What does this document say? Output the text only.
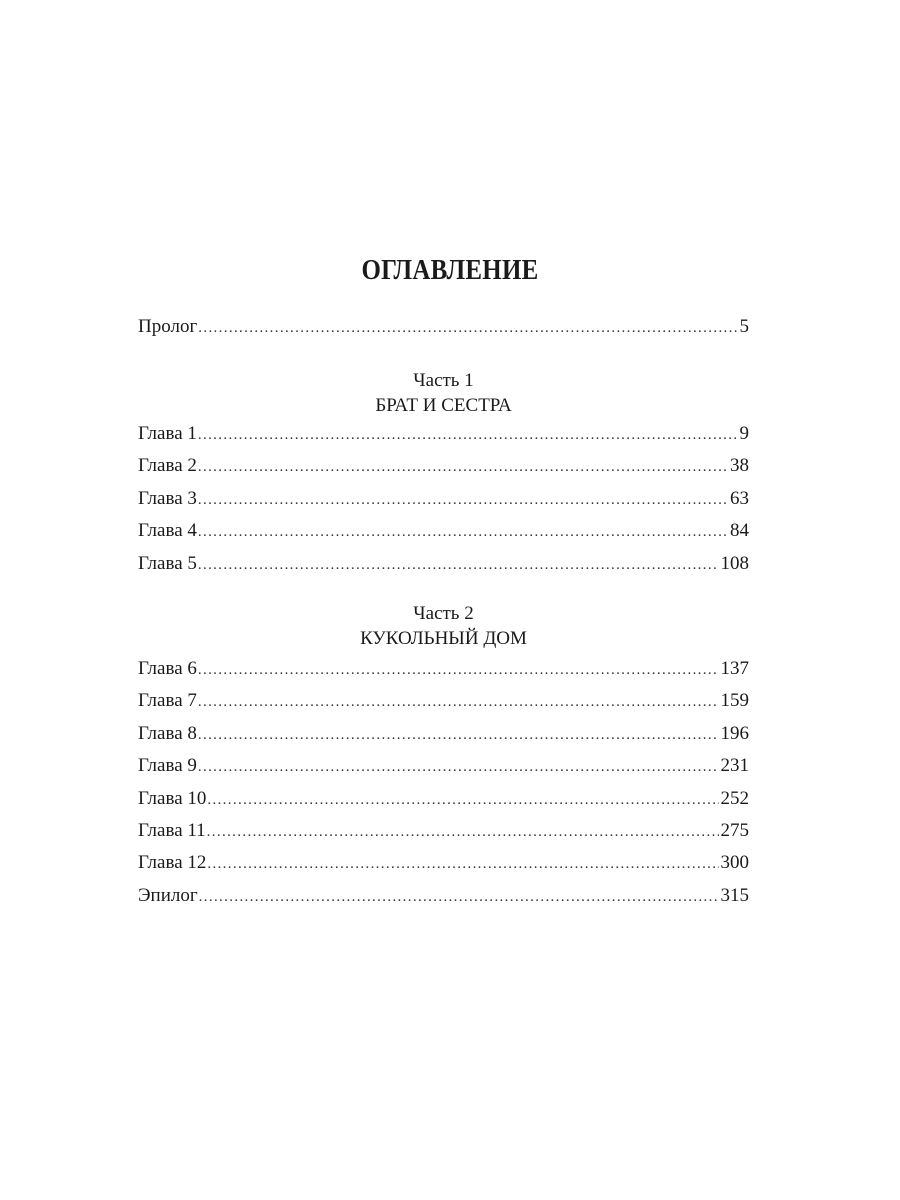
ОГЛАВЛЕНИЕ
Пролог . . .	5
Часть 1
БРАТ И СЕСТРА
Глава 1 . . .	9
Глава 2 . . .	38
Глава 3 . . .	63
Глава 4 . . .	84
Глава 5 . . .	108
Часть 2
КУКОЛЬНЫЙ ДОМ
Глава 6 . . .	137
Глава 7 . . .	159
Глава 8 . . .	196
Глава 9 . . .	231
Глава 10 . . .	252
Глава 11 . . .	275
Глава 12 . . .	300
Эпилог . . .	315
